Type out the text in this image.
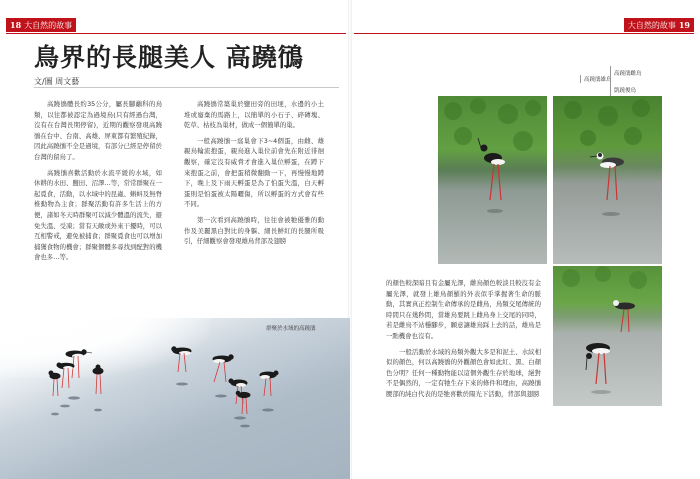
18 大自然的故事	大自然的故事 19
鳥界的長腿美人 高蹺鴴
文/圖 周文藝

高蹺鴴體長約35公分，屬長腳鷸科的鳥類，以往都被認定為過境鳥(只有經過台灣，沒有在台灣長期停留)，近期的觀察發現高蹺鴴在台中、台南、高雄、屏東都有繁殖紀錄，因此高蹺鴴不全是過境，有部分已經是停留於台灣的留鳥了。

高蹺鴴喜歡活動於水流平緩的水域，如休耕的水田、鹽田、沼澤…等，常常群聚在一起覓食，活動，以水域中的昆蟲、蝌蚪及無脊椎動物為主食；群聚活動有許多生活上的方便，諸如冬天時群聚可以減少體溫的流失，避免失溫、受凍；當有天敵或外來干擾時，可以互相警戒，避免被捕食；群聚覓食也可以增加捕獲食物的機會；群聚個體多尋找到配對的機會也多…等。

高蹺鴴常築巢於鹽田旁的田埂，水邊的小土堆或廢棄的馬路上，以簡單的小石子、碎磚塊、乾草、枯枝為巢材，做成一個簡單的巢。

一般高蹺鴴一窩巢會下3~4個蛋，由雌、雄親鳥輪流抱蛋，親鳥進入巢位前會先在附近徘徊觀察，確定沒有威脅才會進入巢位孵蛋，在蹲下來抱蛋之前，會把蛋稍微翻動一下，再慢慢地蹲下，晚上及下雨天孵蛋是為了怕蛋失溫，白天孵蛋則是怕蛋被太陽曬傷，所以孵蛋的方式會有些不同。

第一次看到高蹺鴴時，往往會被牠優雅的動作及美麗黑白對比的身軀、細長鮮紅的長腿所吸引，仔細觀察會發現雄鳥背部及翅膀

的顏色較深暗且有金屬光澤，雌鳥顏色較淡且較沒有金屬光澤，就發上雄鳥顏羅的外表似乎掌握著生命的脈動，其實真正控制生命傳承的是雌鳥，鳥類交尾傳統的時間只在幾秒間，當雄鳥要跳上雌鳥身上交尾的同時，若是雌鳥不站穩腳步，願意讓雄鳥踩上去的話，雄鳥是一點機會也沒有。

一般活動於水域的鳥類外觀大多是和泥土、水紋相似的顏色，何以高蹺鴴的外觀顏色會如此紅、黑、白顏色分明？任何一種動物能以這個外觀生存於地球，絕對不是偶然的，一定有牠生存下來的條件和理由，高蹺鴴腰部的純白代表的是牠喜歡於陽光下活動，背部與翅膀

群聚於水域的高蹺鴴
高蹺鴴雄鳥
高蹺鴴雌鳥
凱蹺俊鳥
